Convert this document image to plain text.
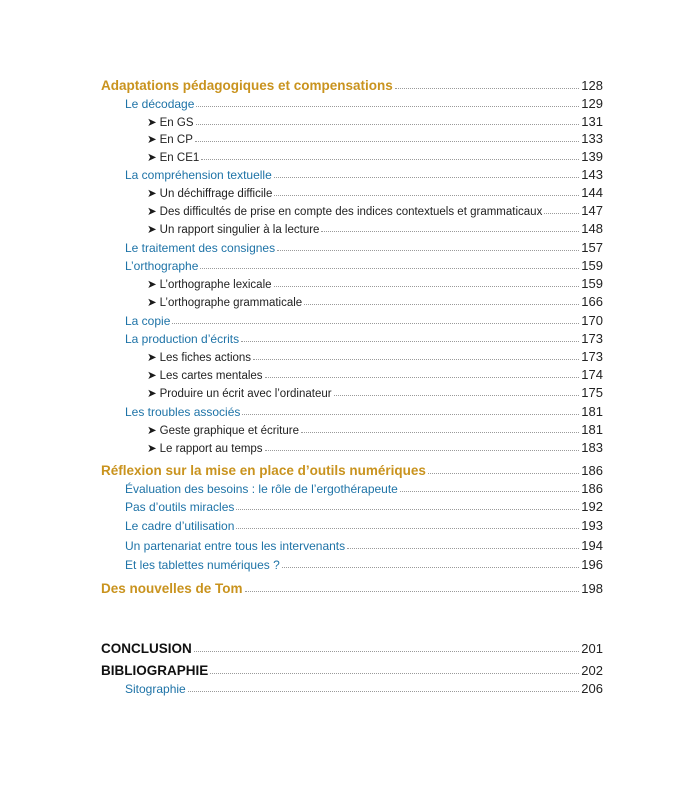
Adaptations pédagogiques et compensations	128
Le décodage	129
➤ En GS	131
➤ En CP	133
➤ En CE1	139
La compréhension textuelle	143
➤ Un déchiffrage difficile	144
➤ Des difficultés de prise en compte des indices contextuels et grammaticaux	147
➤ Un rapport singulier à la lecture	148
Le traitement des consignes	157
L’orthographe	159
➤ L’orthographe lexicale	159
➤ L’orthographe grammaticale	166
La copie	170
La production d’écrits	173
➤ Les fiches actions	173
➤ Les cartes mentales	174
➤ Produire un écrit avec l’ordinateur	175
Les troubles associés	181
➤ Geste graphique et écriture	181
➤ Le rapport au temps	183
Réflexion sur la mise en place d’outils numériques	186
Évaluation des besoins : le rôle de l’ergothérapeute	186
Pas d’outils miracles	192
Le cadre d’utilisation	193
Un partenariat entre tous les intervenants	194
Et les tablettes numériques ?	196
Des nouvelles de Tom	198
CONCLUSION	201
BIBLIOGRAPHIE	202
Sitographie	206
